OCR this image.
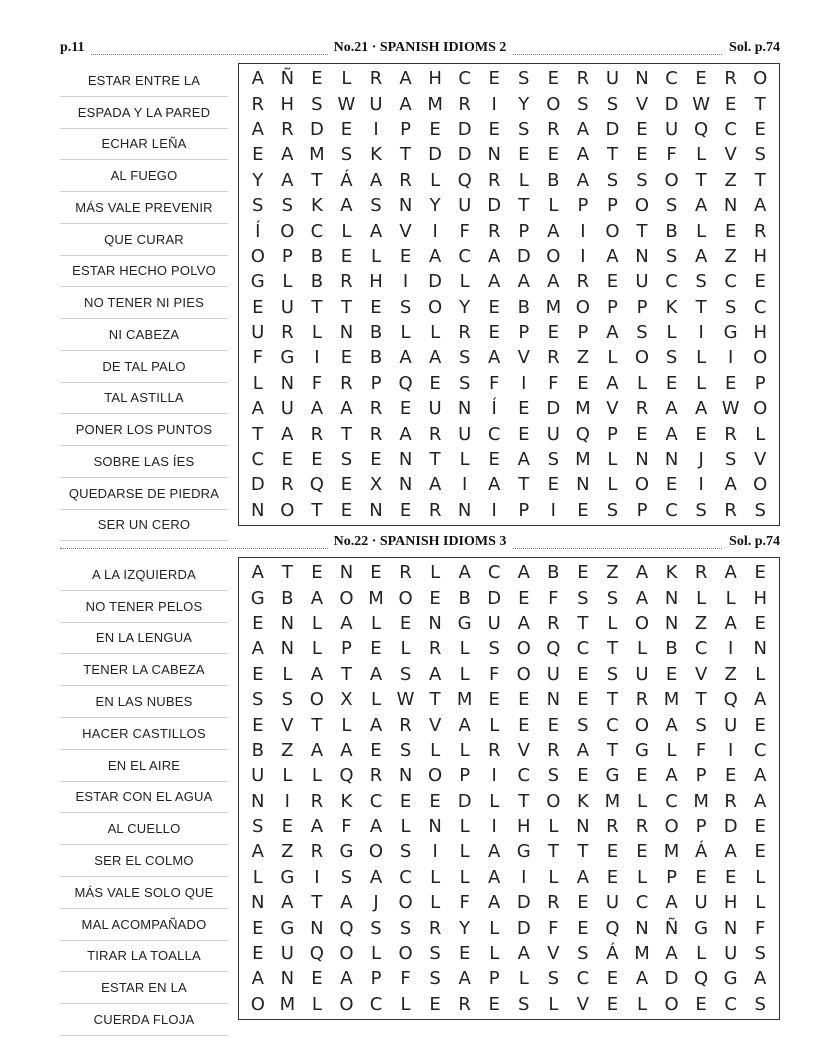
p.11	No.21 · SPANISH IDIOMS 2	Sol. p.74
ESTAR ENTRE LA
ESPADA Y LA PARED
ECHAR LEÑA
AL FUEGO
MÁS VALE PREVENIR
QUE CURAR
ESTAR HECHO POLVO
NO TENER NI PIES
NI CABEZA
DE TAL PALO
TAL ASTILLA
PONER LOS PUNTOS
SOBRE LAS ÍES
QUEDARSE DE PIEDRA
SER UN CERO
A Ñ E	L	R A H C E	S	E R U N C E R O
R H S W U A M R	I	Y O S	S V D W E	T
A R D E	I	P	E D E	S R A D E U Q C E
E A M S K	T D D N E	E A T	E	F	L	V S
Y A T Á A R	L Q R	L	B A S	S O T Z T
S	S K A S N Y U D T	L	P	P O S A N A
Í	O C	L	A V	I	F	R P A	I	O T B	L	E R
O P B E	L	E A C A D O	I	A N S A Z H
G L	B R H	I	D L	A A A R E U C S C E
E U T	T	E	S O Y	E B M O P	P	K	T	S C
U R	L N B	L	L	R E	P	E	P A S	L	I	G H
F G	I	E B A A S A V R Z	L O S	L	I	O
L N F	R P Q E	S	F	I	F	E A	L	E	L	E	P
A U A A R E U N	Í	E D M V R A A W O
T A R T R A R U C E U Q P	E A E R	L
C E	E	S	E N T	L	E A S M L N N	J	S V
D R Q E X N A	I	A T	E N L O E	I	A O
N O T	E N E R N	I	P	I	E	S	P C S R S
No.22 · SPANISH IDIOMS 3	Sol. p.74
A LA IZQUIERDA
NO TENER PELOS
EN LA LENGUA
TENER LA CABEZA
EN LAS NUBES
HACER CASTILLOS
EN EL AIRE
ESTAR CON EL AGUA
AL CUELLO
SER EL COLMO
MÁS VALE SOLO QUE
MAL ACOMPAÑADO
TIRAR LA TOALLA
ESTAR EN LA
CUERDA FLOJA
A T	E N E R	L	A C A B E Z A K R A E
G B A O M O E B D E	F	S	S A N L	L H
E N L	A	L	E N G U A R T	L O N Z A E
A N L	P	E	L	R	L	S O Q C T	L	B C	I	N
E	L	A T A S A	L	F O U E	S U E V Z	L
S	S O X	L W T M E	E N E	T R M T Q A
E V T	L	A R V A	L	E	E	S C O A S U E
B Z A A E	S	L	L	R V R A T G L	F	I	C
U L	L Q R N O P	I	C S	E G E A P	E A
N	I	R K C E	E D L	T O K M L	C M R A
S	E A	F	A	L N L	I	H L N R R O P D E
A Z R G O S	I	L	A G T	T	E	E M Á A E
L G	I	S A C	L	L	A	I	L	A E	L	P	E	E	L
N A T A	J	O L	F	A D R E U C A U H L
E G N Q S	S R Y	L D F	E Q N Ñ G N F
E U Q O L O S	E	L	A V S Á M A	L U S
A N E A P	F	S A P	L	S C E A D Q G A
O M L O C	L	E R E	S	L	V E	L O E C S
